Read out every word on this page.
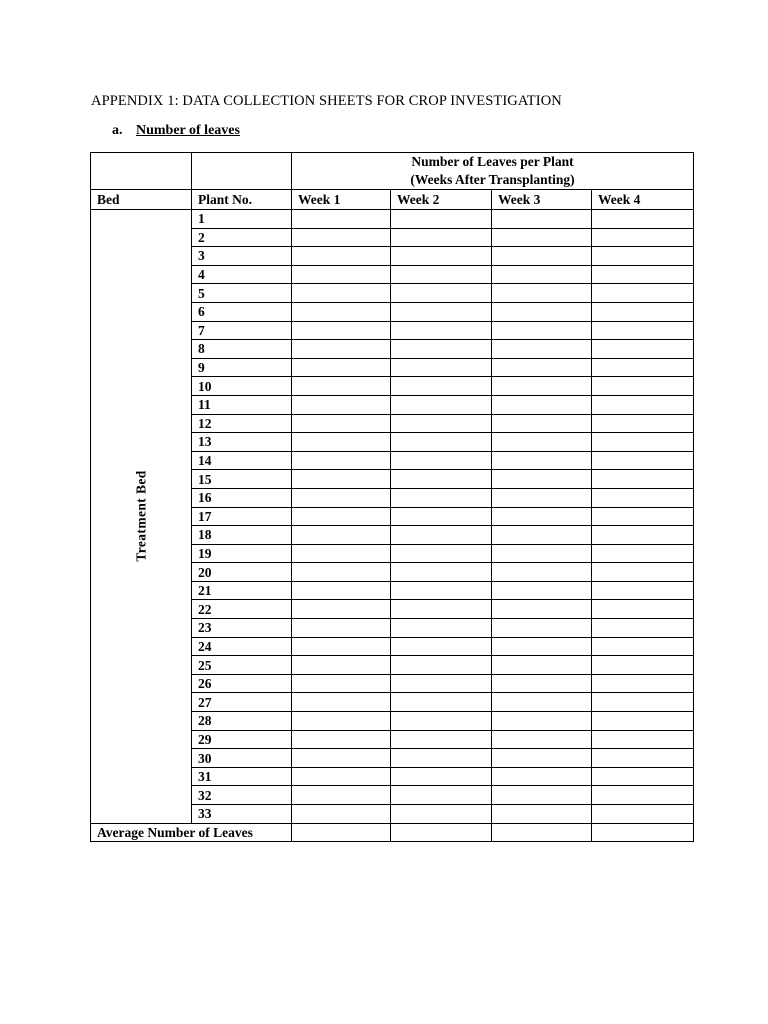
APPENDIX 1: DATA COLLECTION SHEETS FOR CROP INVESTIGATION
a. Number of leaves

		Number of Leaves per Plant
(Weeks After Transplanting)			

Bed	Plant No.	Week 1	Week 2	Week 3	Week 4

Treatment Bed	1				
	2				
	3				
	4				
	5				
	6				
	7				
	8				
	9				
	10				
	11				
	12				
	13				
	14				
	15				
	16				
	17				
	18				
	19				
	20				
	21				
	22				
	23				
	24				
	25				
	26				
	27				
	28				
	29				
	30				
	31				
	32				
	33				
Average Number of Leaves					
